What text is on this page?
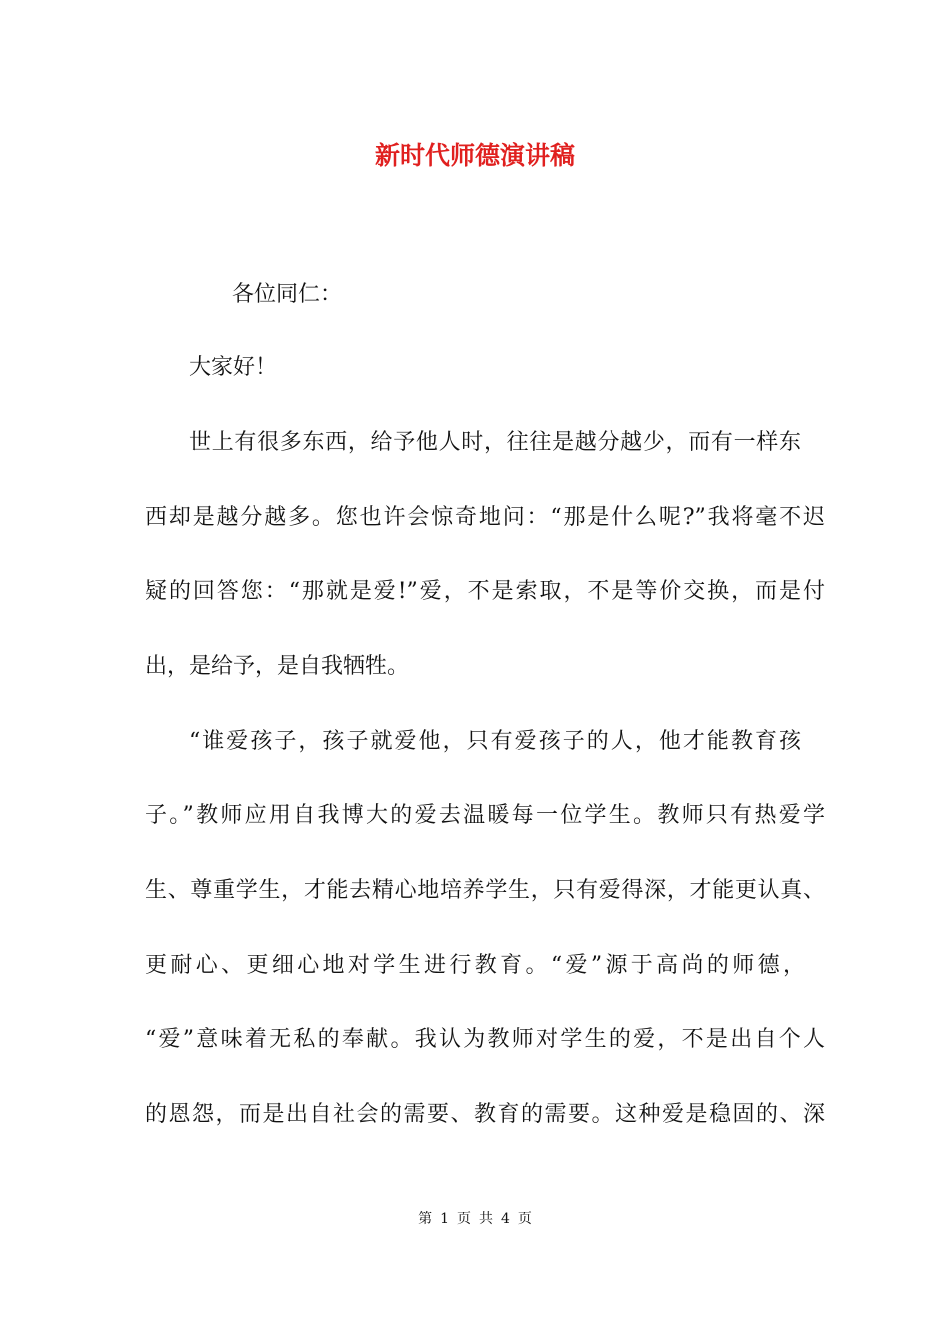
新时代师德演讲稿
各位同仁：
大家好！
世上有很多东西，给予他人时，往往是越分越少，而有一样东
西却是越分越多。您也许会惊奇地问：“那是什么呢?”我将毫不迟
疑的回答您：“那就是爱!”爱，不是索取，不是等价交换，而是付
出，是给予，是自我牺牲。
“谁爱孩子，孩子就爱他，只有爱孩子的人，他才能教育孩
子。”教师应用自我博大的爱去温暖每一位学生。教师只有热爱学
生、尊重学生，才能去精心地培养学生，只有爱得深，才能更认真、
更耐心、更细心地对学生进行教育。“爱”源于高尚的师德，
“爱”意味着无私的奉献。我认为教师对学生的爱，不是出自个人
的恩怨，而是出自社会的需要、教育的需要。这种爱是稳固的、深
第 1 页 共 4 页
